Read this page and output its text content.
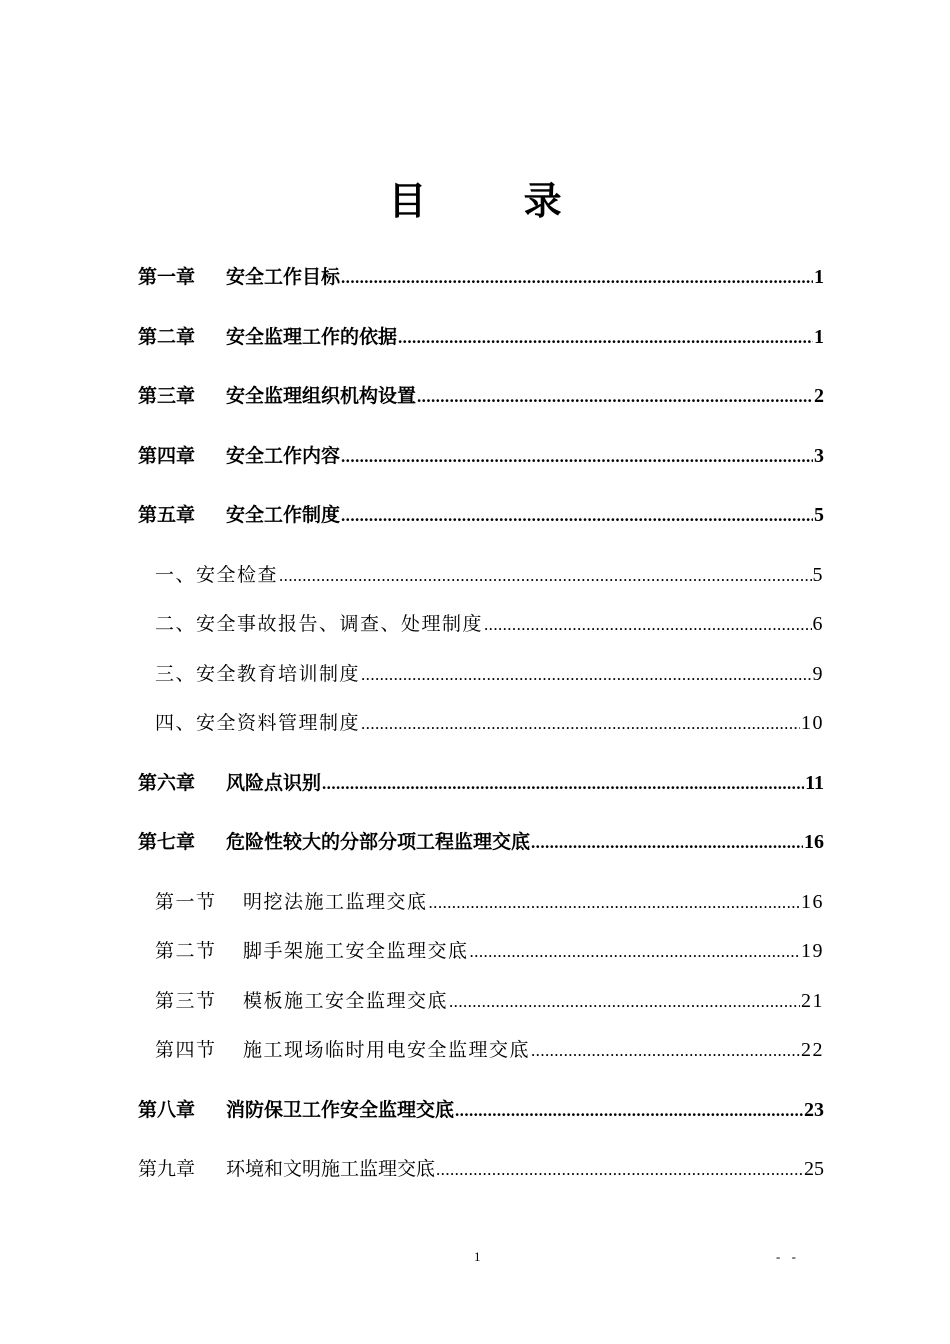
目 录
第一章 安全工作目标 .....	1
第二章 安全监理工作的依据 .....	1
第三章 安全监理组织机构设置 .....	2
第四章 安全工作内容 .....	3
第五章 安全工作制度 .....	5
一、安全检查 .....	5
二、安全事故报告、调查、处理制度 .....	6
三、安全教育培训制度 .....	9
四、安全资料管理制度 .....	10
第六章 风险点识别 .....	11
第七章 危险性较大的分部分项工程监理交底 .....	16
第一节 明挖法施工监理交底 .....	16
第二节 脚手架施工安全监理交底 .....	19
第三节 模板施工安全监理交底 .....	21
第四节 施工现场临时用电安全监理交底 .....	22
第八章 消防保卫工作安全监理交底 .....	23
第九章 环境和文明施工监理交底 .....	25
1	- -
